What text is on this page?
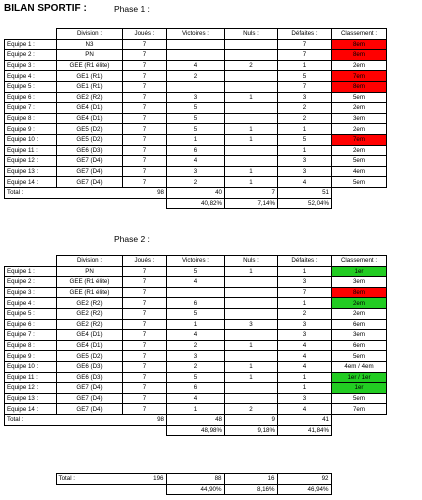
BILAN SPORTIF :	Phase 1 :
	Division :	Joués :	Victoires :	Nuls :	Défaites :	Classement :
Equipe 1 :	N3	7			7	8em
Equipe 2 :	PN	7			7	8em
Equipe 3 :	GEE (R1 élite)	7	4	2	1	2em
Equipe 4 :	GE1 (R1)	7	2		5	7em
Equipe 5 :	GE1 (R1)	7			7	8em
Equipe 6 :	GE2 (R2)	7	3	1	3	5em
Equipe 7 :	GE4 (D1)	7	5		2	2em
Equipe 8 :	GE4 (D1)	7	5		2	3em
Equipe 9 :	GE5 (D2)	7	5	1	1	2em
Equipe 10 :	GE5 (D2)	7	1	1	5	7em
Equipe 11 :	GE6 (D3)	7	6		1	2em
Equipe 12 :	GE7 (D4)	7	4		3	5em
Equipe 13 :	GE7 (D4)	7	3	1	3	4em
Equipe 14 :	GE7 (D4)	7	2	1	4	5em
Total :		98	40	7	51	
			40,82%	7,14%	52,04%	
Phase 2 :
	Division :	Joués :	Victoires :	Nuls :	Défaites :	Classement :
Equipe 1 :	PN	7	5	1	1	1er
Equipe 2 :	GEE (R1 élite)	7	4		3	3em
Equipe 3 :	GEE (R1 élite)	7			7	8em
Equipe 4 :	GE2 (R2)	7	6		1	2em
Equipe 5 :	GE2 (R2)	7	5		2	2em
Equipe 6 :	GE2 (R2)	7	1	3	3	6em
Equipe 7 :	GE4 (D1)	7	4		3	3em
Equipe 8 :	GE4 (D1)	7	2	1	4	6em
Equipe 9 :	GE5 (D2)	7	3		4	5em
Equipe 10 :	GE6 (D3)	7	2	1	4	4em / 4em
Equipe 11 :	GE6 (D3)	7	5	1	1	1er / 1er
Equipe 12 :	GE7 (D4)	7	6		1	1er
Equipe 13 :	GE7 (D4)	7	4		3	5em
Equipe 14 :	GE7 (D4)	7	1	2	4	7em
Total :		98	48	9	41	
			48,98%	9,18%	41,84%	
	Total :	196	88	16	92
			44,90%	8,16%	46,94%
